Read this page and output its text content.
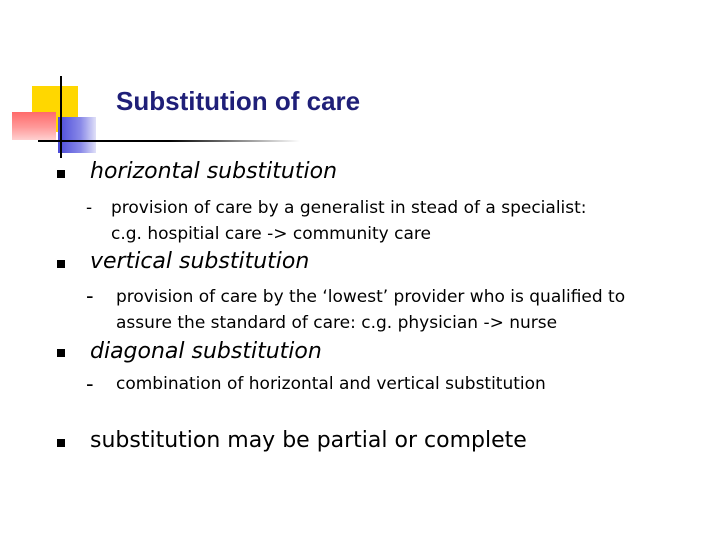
Substitution of care
horizontal substitution
- provision of care by a generalist in stead of a specialist:
c.g. hospitial care -> community care
vertical substitution
- provision of care by the ‘lowest’ provider who is qualified to
assure the standard of care: c.g. physician -> nurse
diagonal substitution
- combination of horizontal and vertical substitution
substitution may be partial or complete
